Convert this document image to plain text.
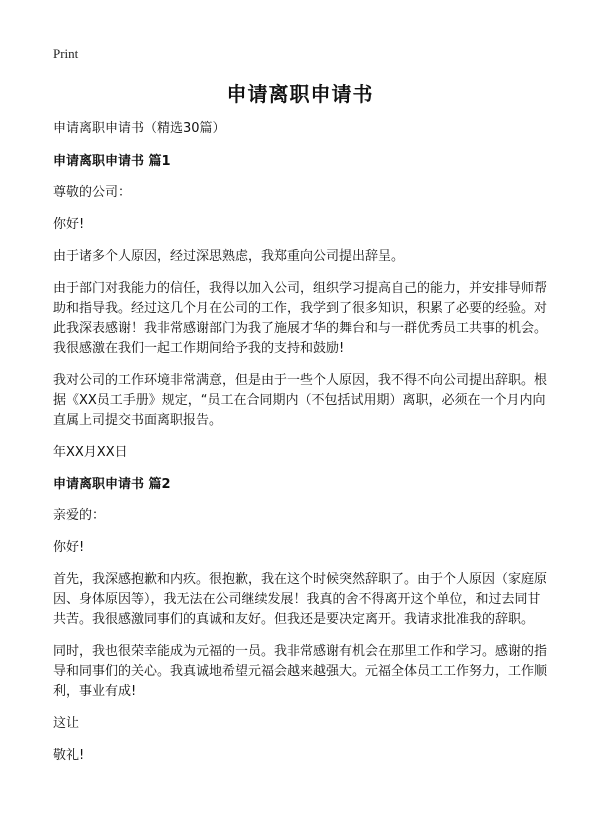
Print
申请离职申请书
申请离职申请书（精选30篇）
申请离职申请书 篇1
尊敬的公司：
你好!
由于诸多个人原因，经过深思熟虑，我郑重向公司提出辞呈。
由于部门对我能力的信任，我得以加入公司，组织学习提高自己的能力，并安排导师帮助和指导我。经过这几个月在公司的工作，我学到了很多知识，积累了必要的经验。对此我深表感谢！我非常感谢部门为我了施展才华的舞台和与一群优秀员工共事的机会。我很感激在我们一起工作期间给予我的支持和鼓励!
我对公司的工作环境非常满意，但是由于一些个人原因，我不得不向公司提出辞职。根据《XX员工手册》规定，“员工在合同期内（不包括试用期）离职，必须在一个月内向直属上司提交书面离职报告。
年XX月XX日
申请离职申请书 篇2
亲爱的：
你好!
首先，我深感抱歉和内疚。很抱歉，我在这个时候突然辞职了。由于个人原因（家庭原因、身体原因等），我无法在公司继续发展！我真的舍不得离开这个单位，和过去同甘共苦。我很感激同事们的真诚和友好。但我还是要决定离开。我请求批准我的辞职。
同时，我也很荣幸能成为元福的一员。我非常感谢有机会在那里工作和学习。感谢的指导和同事们的关心。我真诚地希望元福会越来越强大。元福全体员工工作努力，工作顺利，事业有成!
这让
敬礼!
